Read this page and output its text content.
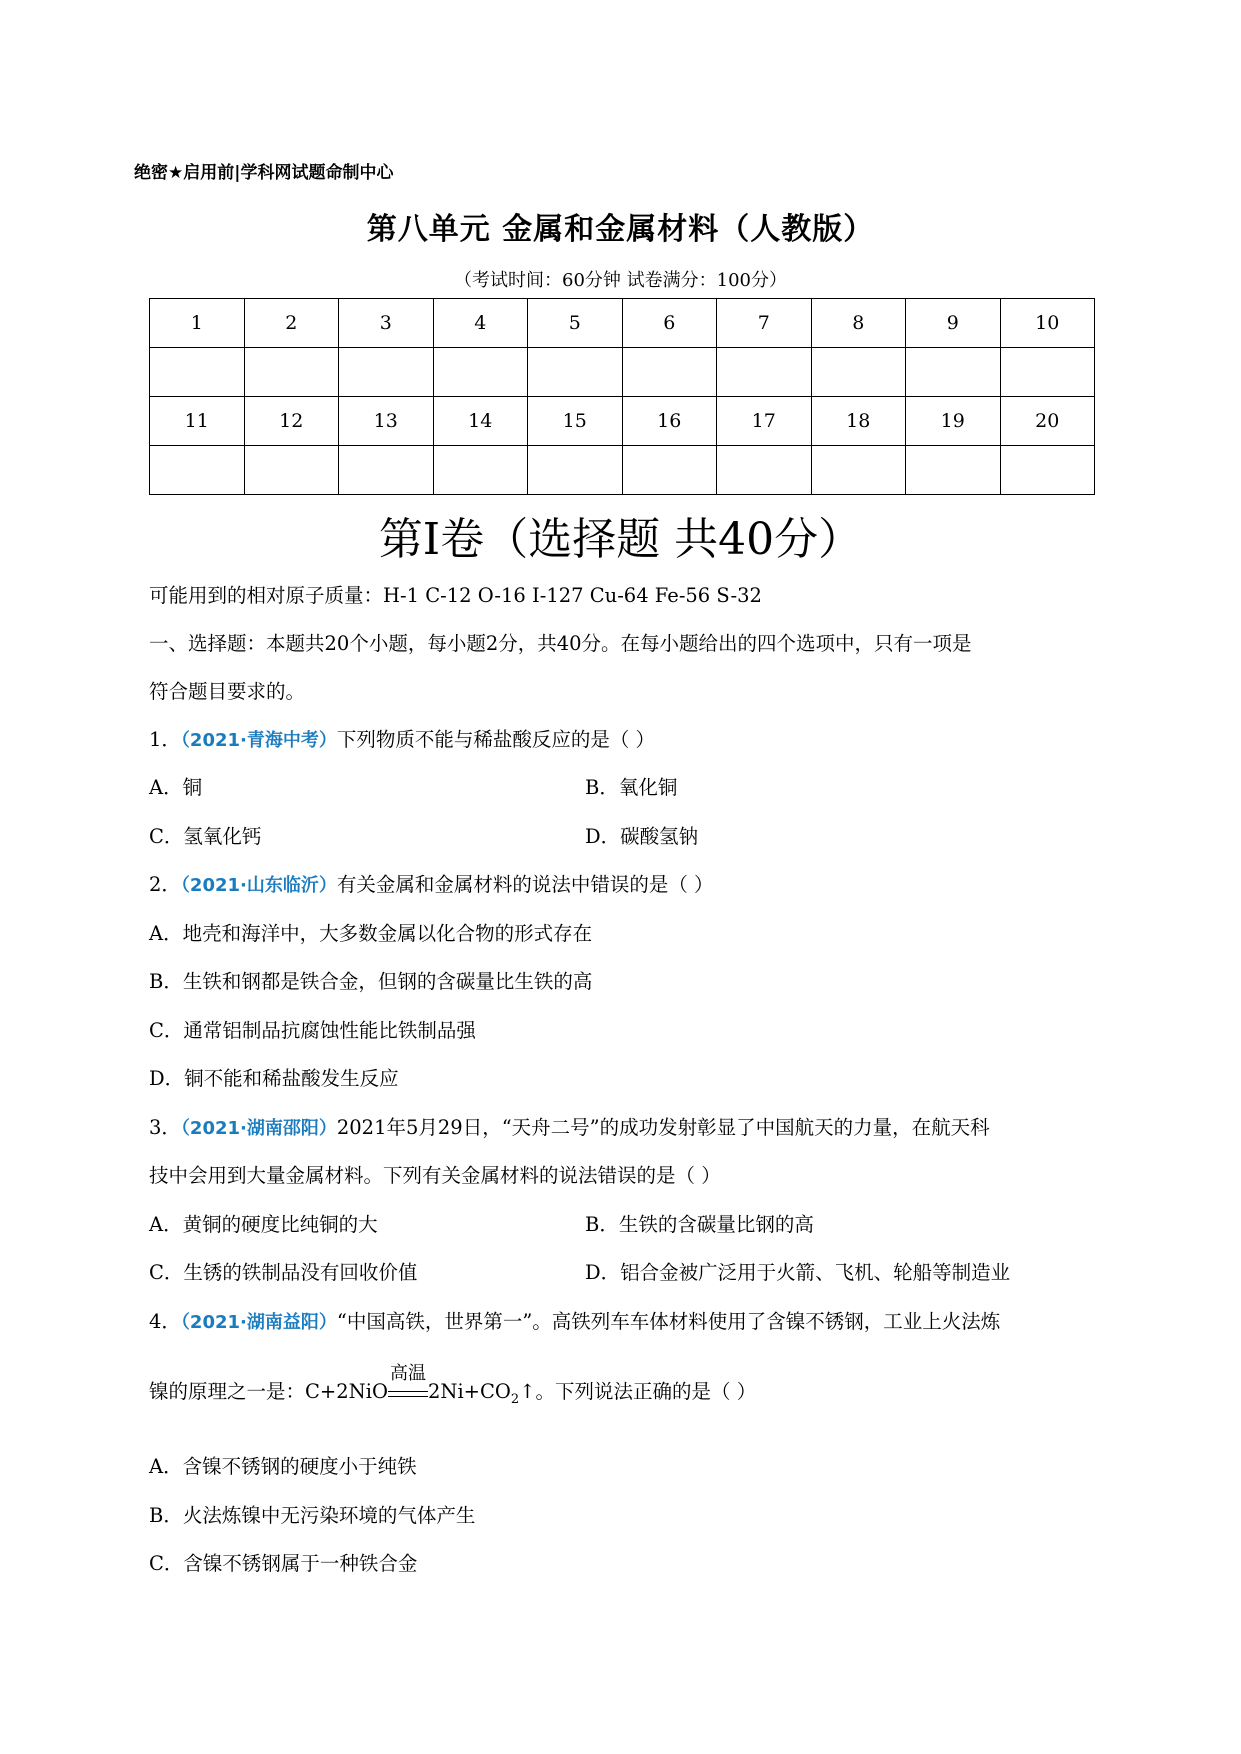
绝密★启用前|学科网试题命制中心
第八单元 金属和金属材料（人教版）
（考试时间：60分钟 试卷满分：100分）
1	2	3	4	5	6	7	8	9	10

11	12	13	14	15	16	17	18	19	20

第I卷（选择题 共40分）
可能用到的相对原子质量：H-1 C-12 O-16 I-127 Cu-64 Fe-56 S-32
一、选择题：本题共20个小题，每小题2分，共40分。在每小题给出的四个选项中，只有一项是
符合题目要求的。
1．（2021·青海中考）下列物质不能与稀盐酸反应的是（ ）
A．铜	B．氧化铜
C．氢氧化钙	D．碳酸氢钠
2．（2021·山东临沂）有关金属和金属材料的说法中错误的是（ ）
A．地壳和海洋中，大多数金属以化合物的形式存在
B．生铁和钢都是铁合金，但钢的含碳量比生铁的高
C．通常铝制品抗腐蚀性能比铁制品强
D．铜不能和稀盐酸发生反应
3．（2021·湖南邵阳）2021年5月29日，“天舟二号”的成功发射彰显了中国航天的力量，在航天科
技中会用到大量金属材料。下列有关金属材料的说法错误的是（ ）
A．黄铜的硬度比纯铜的大	B．生铁的含碳量比钢的高
C．生锈的铁制品没有回收价值	D．铝合金被广泛用于火箭、飞机、轮船等制造业
4．（2021·湖南益阳）“中国高铁，世界第一”。高铁列车车体材料使用了含镍不锈钢，工业上火法炼
镍的原理之一是：C+2NiO
高温
$2Ni+CO_2↑$。下列说法正确的是（ ）
A．含镍不锈钢的硬度小于纯铁
B．火法炼镍中无污染环境的气体产生
C．含镍不锈钢属于一种铁合金
